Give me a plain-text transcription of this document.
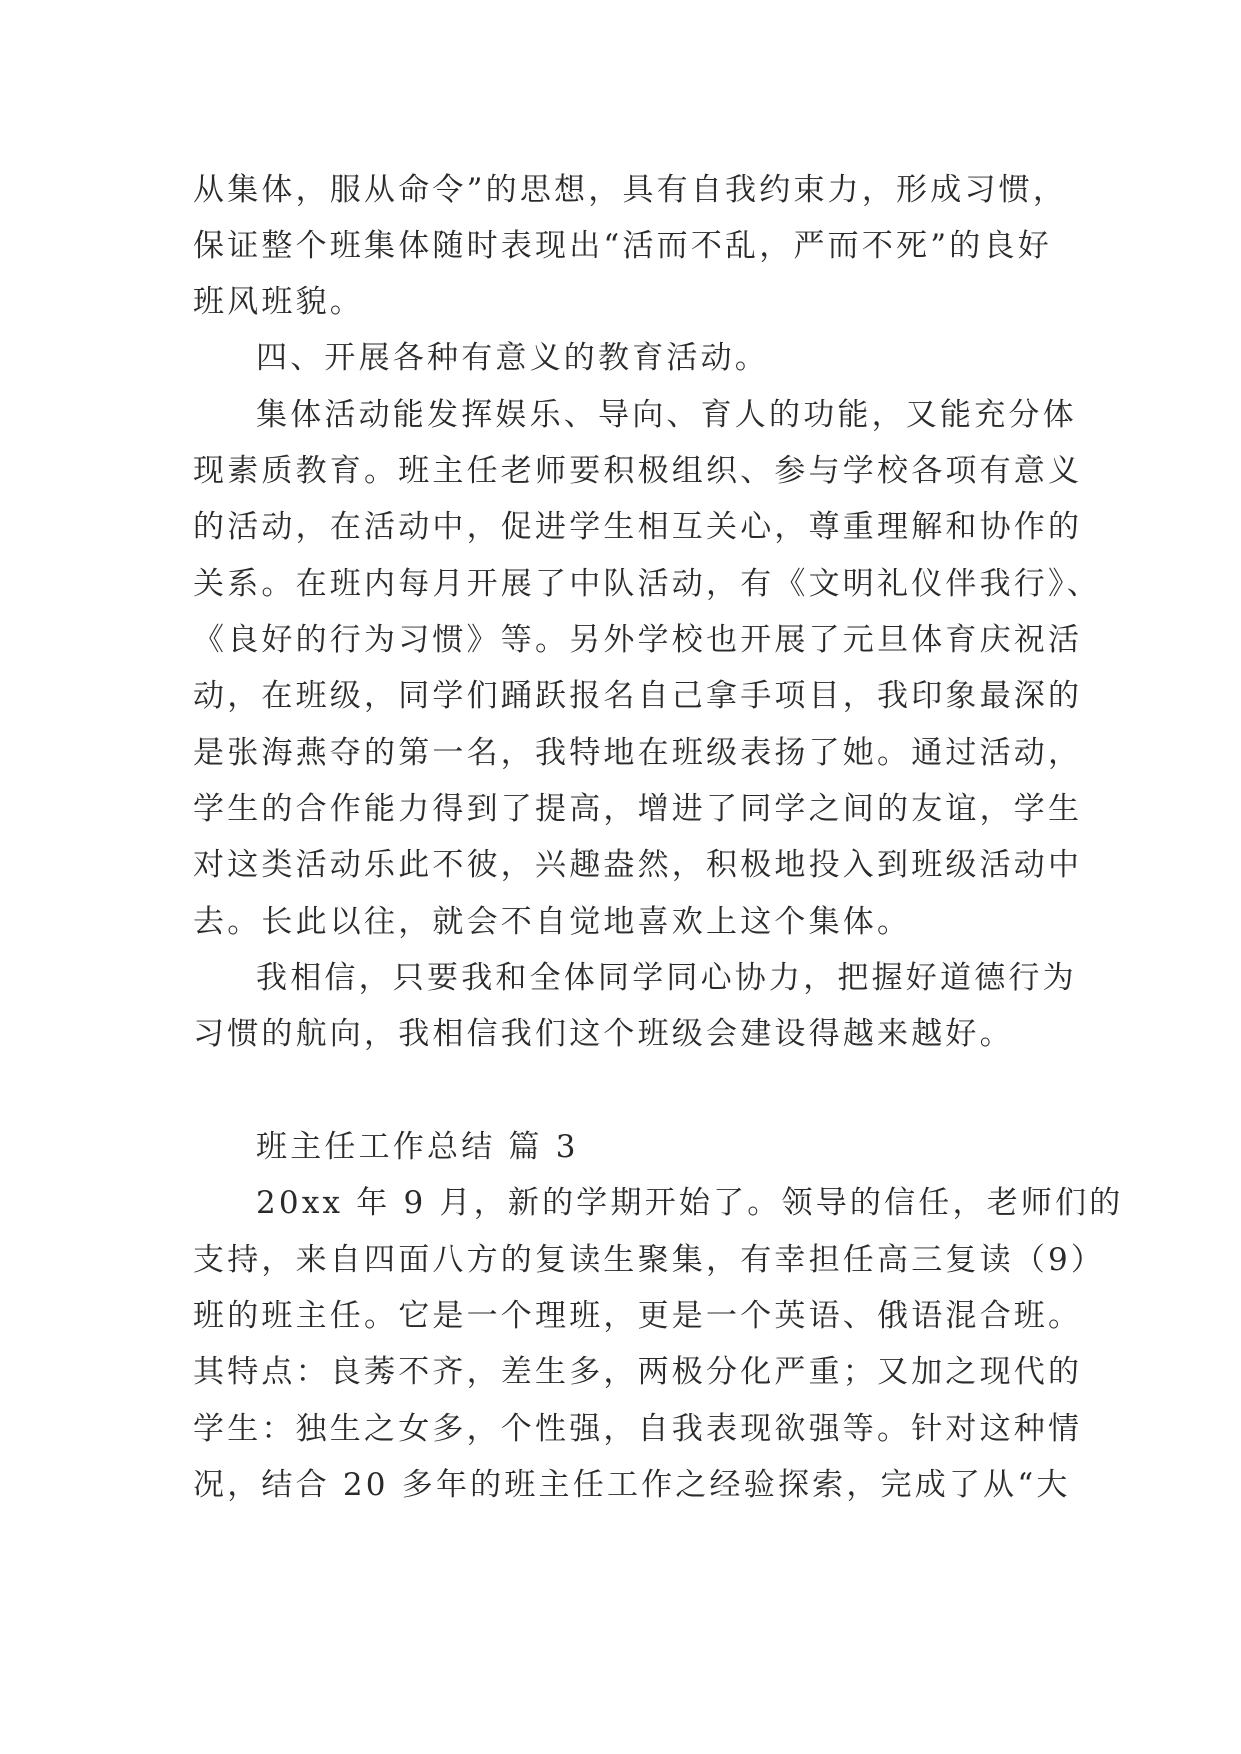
从集体，服从命令”的思想，具有自我约束力，形成习惯，
保证整个班集体随时表现出“活而不乱，严而不死”的良好
班风班貌。
四、开展各种有意义的教育活动。
集体活动能发挥娱乐、导向、育人的功能，又能充分体
现素质教育。班主任老师要积极组织、参与学校各项有意义
的活动，在活动中，促进学生相互关心，尊重理解和协作的
关系。在班内每月开展了中队活动，有《文明礼仪伴我行》、
《良好的行为习惯》等。另外学校也开展了元旦体育庆祝活
动，在班级，同学们踊跃报名自己拿手项目，我印象最深的
是张海燕夺的第一名，我特地在班级表扬了她。通过活动，
学生的合作能力得到了提高，增进了同学之间的友谊，学生
对这类活动乐此不彼，兴趣盎然，积极地投入到班级活动中
去。长此以往，就会不自觉地喜欢上这个集体。
我相信，只要我和全体同学同心协力，把握好道德行为
习惯的航向，我相信我们这个班级会建设得越来越好。
班主任工作总结 篇 3
20xx 年 9 月，新的学期开始了。领导的信任，老师们的
支持，来自四面八方的复读生聚集，有幸担任高三复读（9）
班的班主任。它是一个理班，更是一个英语、俄语混合班。
其特点：良莠不齐，差生多，两极分化严重；又加之现代的
学生：独生之女多，个性强，自我表现欲强等。针对这种情
况，结合 20 多年的班主任工作之经验探索，完成了从“大
